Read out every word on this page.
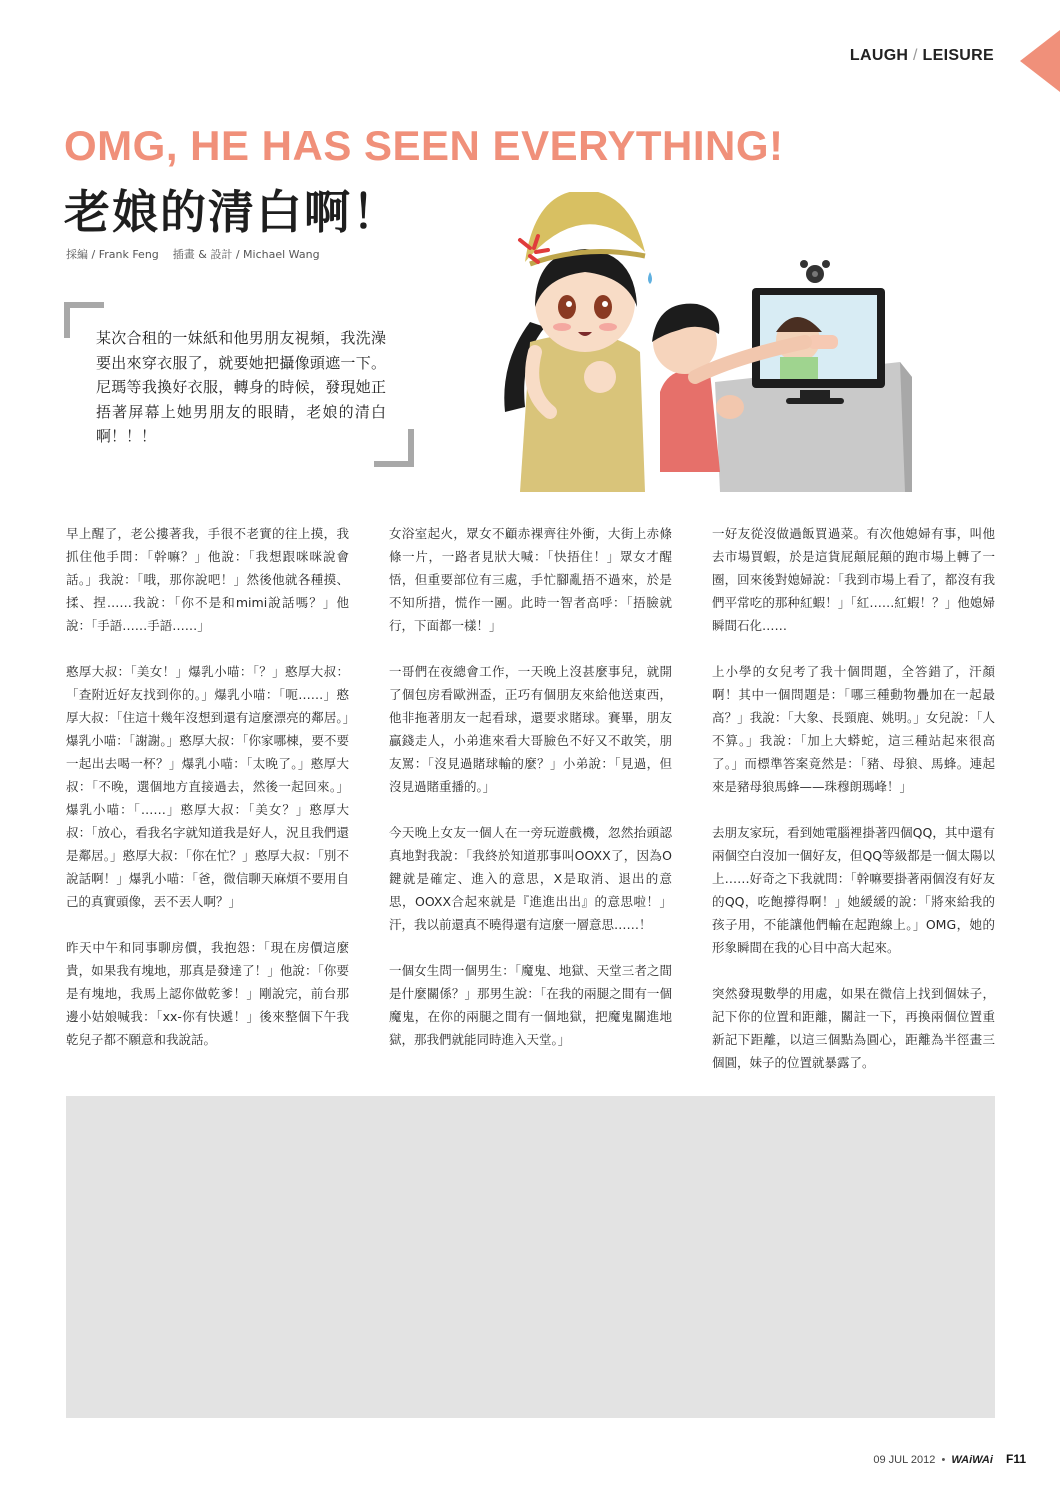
LAUGH / LEISURE
OMG, HE HAS SEEN EVERYTHING!
老娘的清白啊！
採編 / Frank Feng 插畫 & 設計 / Michael Wang

某次合租的一妹紙和他男朋友視頻，我洗澡要出來穿衣服了，就要她把攝像頭遮一下。尼瑪等我換好衣服，轉身的時候，發現她正捂著屏幕上她男朋友的眼睛，老娘的清白啊！！！

早上醒了，老公摟著我，手很不老實的往上摸，我抓住他手問：「幹嘛？」他說：「我想跟咪咪說會話。」我說：「哦，那你說吧！」然後他就各種摸、揉、捏……我說：「你不是和mimi說話嗎？」他說：「手語……手語……」

憨厚大叔：「美女！」爆乳小喵：「？」憨厚大叔：「查附近好友找到你的。」爆乳小喵：「呃……」憨厚大叔：「住這十幾年沒想到還有這麼漂亮的鄰居。」爆乳小喵：「謝謝。」憨厚大叔：「你家哪棟，要不要一起出去喝一杯？」爆乳小喵：「太晚了。」憨厚大叔：「不晚，選個地方直接過去，然後一起回來。」爆乳小喵：「……」憨厚大叔：「美女？」憨厚大叔：「放心，看我名字就知道我是好人，況且我們還是鄰居。」憨厚大叔：「你在忙？」憨厚大叔：「別不說話啊！」爆乳小喵：「爸，微信聊天麻煩不要用自己的真實頭像，丟不丟人啊？」

昨天中午和同事聊房價，我抱怨：「現在房價這麼貴，如果我有塊地，那真是發達了！」他說：「你要是有塊地，我馬上認你做乾爹！」剛說完，前台那邊小姑娘喊我：「xx-你有快遞！」後來整個下午我乾兒子都不願意和我說話。

女浴室起火，眾女不顧赤裸齊往外衝，大街上赤條條一片，一路者見狀大喊：「快捂住！」眾女才醒悟，但重要部位有三處，手忙腳亂捂不過來，於是不知所措，慌作一團。此時一智者高呼：「捂臉就行，下面都一樣！」

一哥們在夜總會工作，一天晚上沒甚麼事兒，就開了個包房看歐洲盃，正巧有個朋友來給他送東西，他非拖著朋友一起看球，還要求賭球。賽畢，朋友贏錢走人，小弟進來看大哥臉色不好又不敢笑，朋友罵：「沒見過賭球輸的麼？」小弟說：「見過，但沒見過賭重播的。」

今天晚上女友一個人在一旁玩遊戲機，忽然抬頭認真地對我說：「我終於知道那事叫OOXX了，因為O鍵就是確定、進入的意思，X是取消、退出的意思，OOXX合起來就是『進進出出』的意思啦！」汗，我以前還真不曉得還有這麼一層意思……！

一個女生問一個男生：「魔鬼、地獄、天堂三者之間是什麼關係？」那男生說：「在我的兩腿之間有一個魔鬼，在你的兩腿之間有一個地獄，把魔鬼關進地獄，那我們就能同時進入天堂。」

一好友從沒做過飯買過菜。有次他媳婦有事，叫他去市場買蝦，於是這貨屁顛屁顛的跑市場上轉了一圈，回來後對媳婦說：「我到市場上看了，都沒有我們平常吃的那种紅蝦！」「紅……紅蝦！？」他媳婦瞬間石化……

上小學的女兒考了我十個問題，全答錯了，汗顏啊！其中一個問題是：「哪三種動物疊加在一起最高？」我說：「大象、長頸鹿、姚明。」女兒說：「人不算。」我說：「加上大蟒蛇，這三種站起來很高了。」而標準答案竟然是：「豬、母狼、馬蜂。連起來是豬母狼馬蜂——珠穆朗瑪峰！」

去朋友家玩，看到她電腦裡掛著四個QQ，其中還有兩個空白沒加一個好友，但QQ等級都是一個太陽以上……好奇之下我就問：「幹嘛要掛著兩個沒有好友的QQ，吃飽撐得啊！」她緩緩的說：「將來給我的孩子用，不能讓他們輸在起跑線上。」OMG，她的形象瞬間在我的心目中高大起來。

突然發現數學的用處，如果在微信上找到個妹子，記下你的位置和距離，關註一下，再換兩個位置重新記下距離，以這三個點為圓心，距離為半徑畫三個圓，妹子的位置就暴露了。

09 JUL 2012 • WAiWAi F11
